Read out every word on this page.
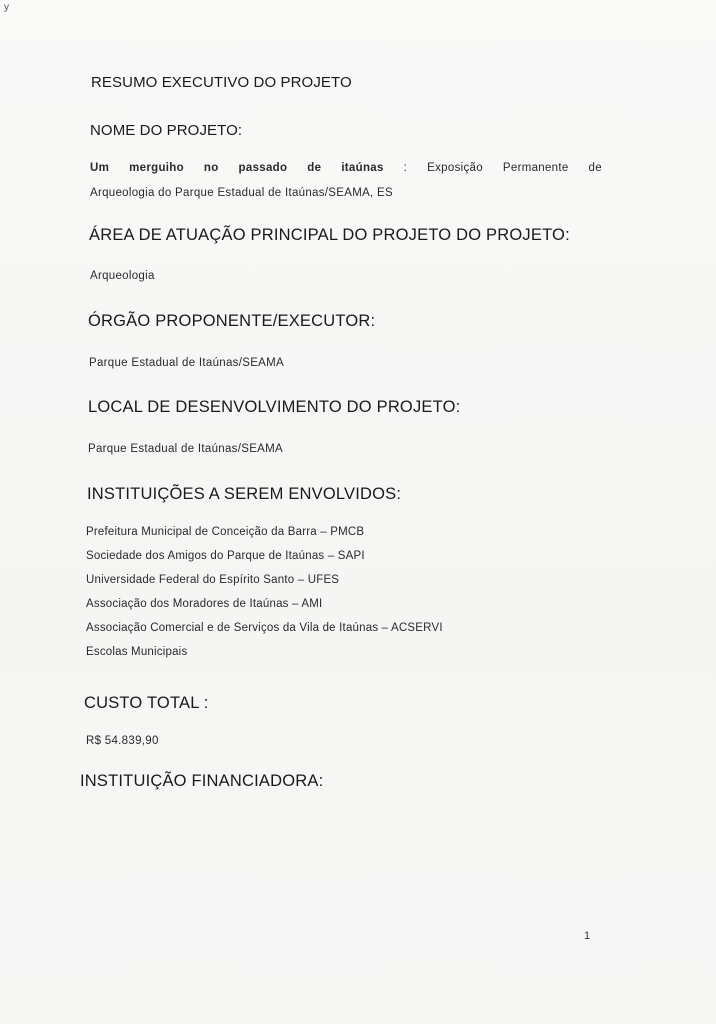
y
RESUMO EXECUTIVO DO PROJETO
NOME DO PROJETO:
Um merguiho no passado de itaúnas : Exposição Permanente de
Arqueologia do Parque Estadual de Itaúnas/SEAMA, ES
ÁREA DE ATUAÇÃO PRINCIPAL DO PROJETO DO PROJETO:
Arqueologia
ÓRGÃO PROPONENTE/EXECUTOR:
Parque Estadual de Itaúnas/SEAMA
LOCAL DE DESENVOLVIMENTO DO PROJETO:
Parque Estadual de Itaúnas/SEAMA
INSTITUIÇÕES A SEREM ENVOLVIDOS:
Prefeitura Municipal de Conceição da Barra – PMCB
Sociedade dos Amigos do Parque de Itaúnas – SAPI
Universidade Federal do Espírito Santo – UFES
Associação dos Moradores de Itaúnas – AMI
Associação Comercial e de Serviços da Vila de Itaúnas – ACSERVI
Escolas Municipais
CUSTO TOTAL :
R$ 54.839,90
INSTITUIÇÃO FINANCIADORA:
1
